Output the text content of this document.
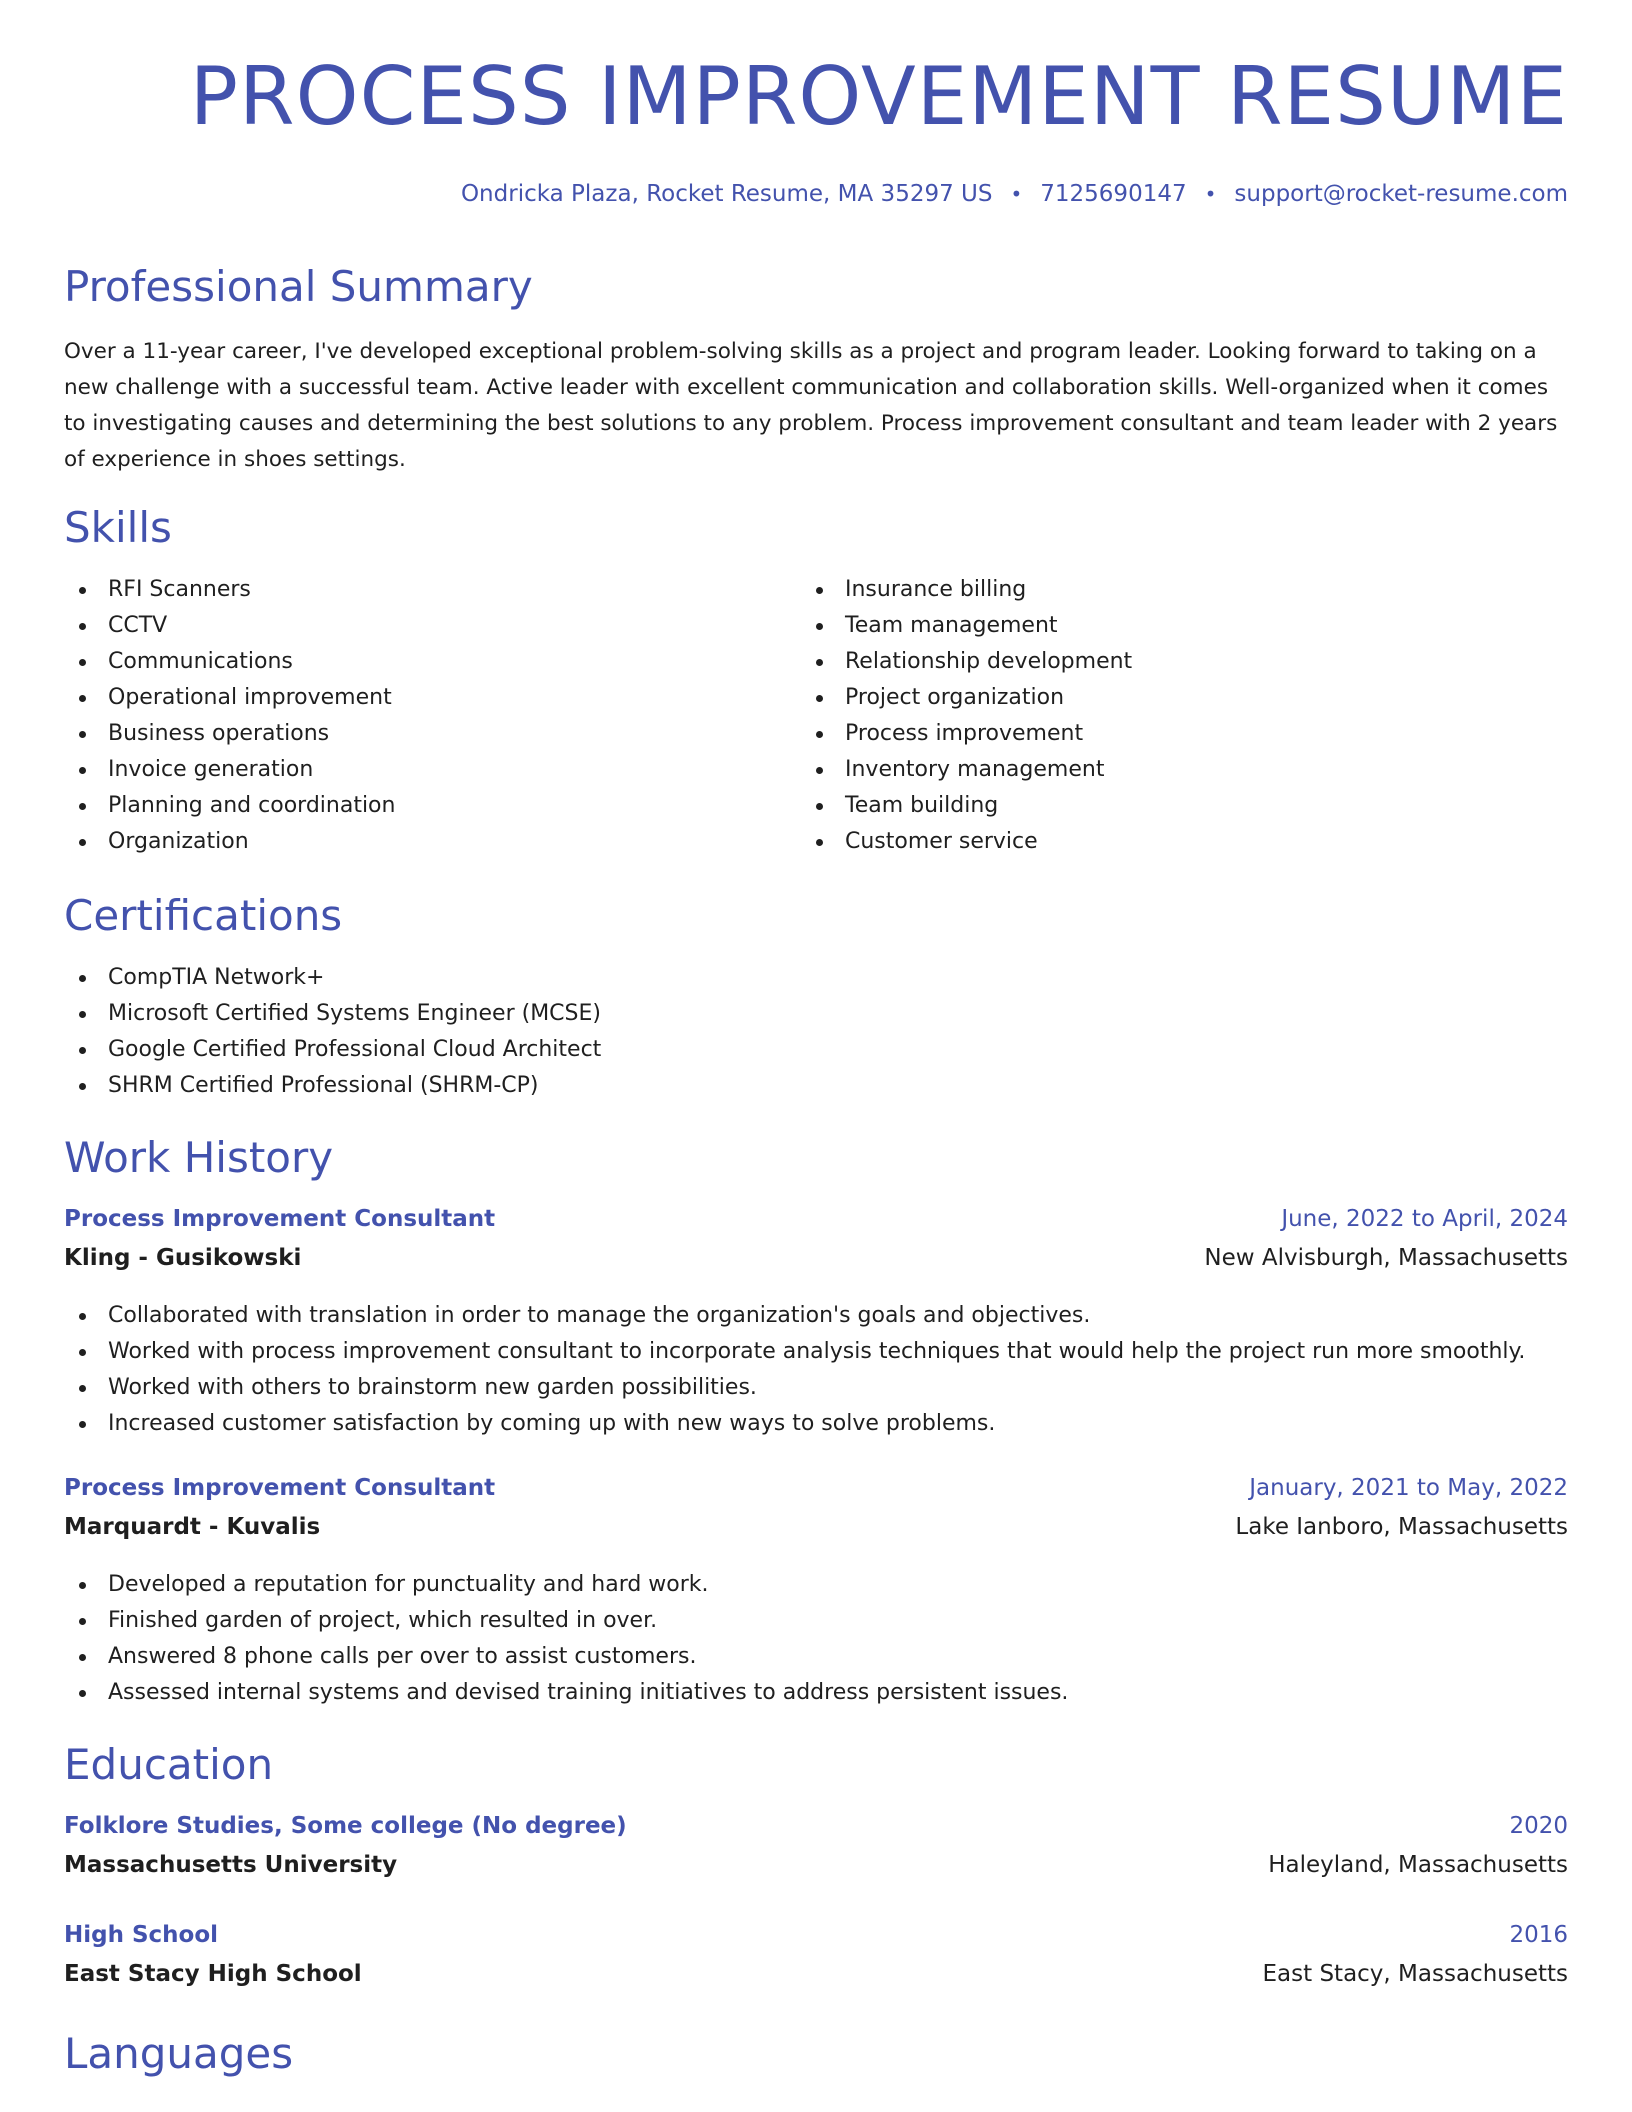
PROCESS IMPROVEMENT RESUME
Ondricka Plaza, Rocket Resume, MA 35297 US • 7125690147 • support@rocket-resume.com
Professional Summary

Over a 11-year career, I've developed exceptional problem-solving skills as a project and program leader. Looking forward to taking on a new challenge with a successful team. Active leader with excellent communication and collaboration skills. Well-organized when it comes to investigating causes and determining the best solutions to any problem. Process improvement consultant and team leader with 2 years of experience in shoes settings.

Skills
RFI Scanners
CCTV
Communications
Operational improvement
Business operations
Invoice generation
Planning and coordination
Organization
Insurance billing
Team management
Relationship development
Project organization
Process improvement
Inventory management
Team building
Customer service
Certifications
CompTIA Network+
Microsoft Certified Systems Engineer (MCSE)
Google Certified Professional Cloud Architect
SHRM Certified Professional (SHRM-CP)
Work History
Process Improvement Consultant	June, 2022 to April, 2024
Kling - Gusikowski	New Alvisburgh, Massachusetts
Collaborated with translation in order to manage the organization's goals and objectives.
Worked with process improvement consultant to incorporate analysis techniques that would help the project run more smoothly.
Worked with others to brainstorm new garden possibilities.
Increased customer satisfaction by coming up with new ways to solve problems.
Process Improvement Consultant	January, 2021 to May, 2022
Marquardt - Kuvalis	Lake Ianboro, Massachusetts
Developed a reputation for punctuality and hard work.
Finished garden of project, which resulted in over.
Answered 8 phone calls per over to assist customers.
Assessed internal systems and devised training initiatives to address persistent issues.
Education
Folklore Studies, Some college (No degree)	2020
Massachusetts University	Haleyland, Massachusetts
High School	2016
East Stacy High School	East Stacy, Massachusetts
Languages
